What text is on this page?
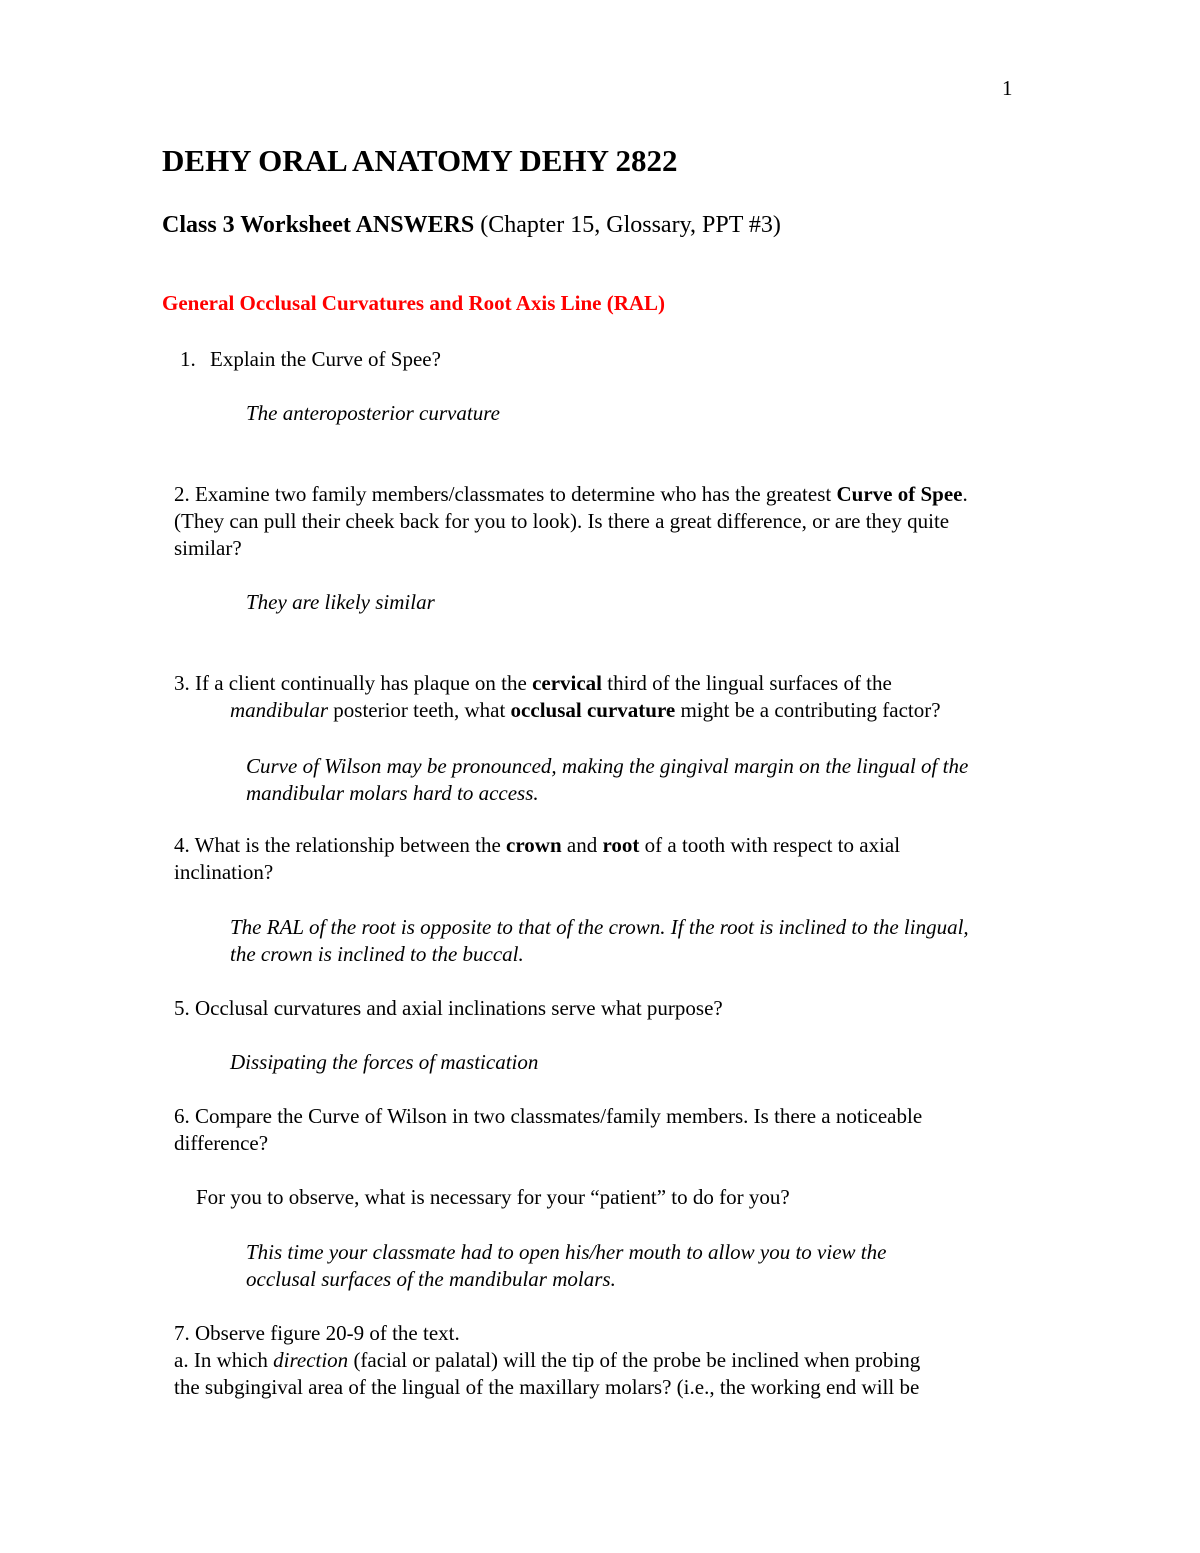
1
DEHY ORAL ANATOMY DEHY 2822
Class 3 Worksheet ANSWERS (Chapter 15, Glossary, PPT #3)
General Occlusal Curvatures and Root Axis Line (RAL)
1. Explain the Curve of Spee?
The anteroposterior curvature
2. Examine two family members/classmates to determine who has the greatest Curve of Spee.
(They can pull their cheek back for you to look). Is there a great difference, or are they quite
similar?
They are likely similar
3. If a client continually has plaque on the cervical third of the lingual surfaces of the
mandibular posterior teeth, what occlusal curvature might be a contributing factor?
Curve of Wilson may be pronounced, making the gingival margin on the lingual of the
mandibular molars hard to access.
4. What is the relationship between the crown and root of a tooth with respect to axial
inclination?
The RAL of the root is opposite to that of the crown. If the root is inclined to the lingual,
the crown is inclined to the buccal.
5. Occlusal curvatures and axial inclinations serve what purpose?
Dissipating the forces of mastication
6. Compare the Curve of Wilson in two classmates/family members. Is there a noticeable
difference?
For you to observe, what is necessary for your “patient” to do for you?
This time your classmate had to open his/her mouth to allow you to view the
occlusal surfaces of the mandibular molars.
7. Observe figure 20-9 of the text.
a. In which direction (facial or palatal) will the tip of the probe be inclined when probing
the subgingival area of the lingual of the maxillary molars? (i.e., the working end will be
